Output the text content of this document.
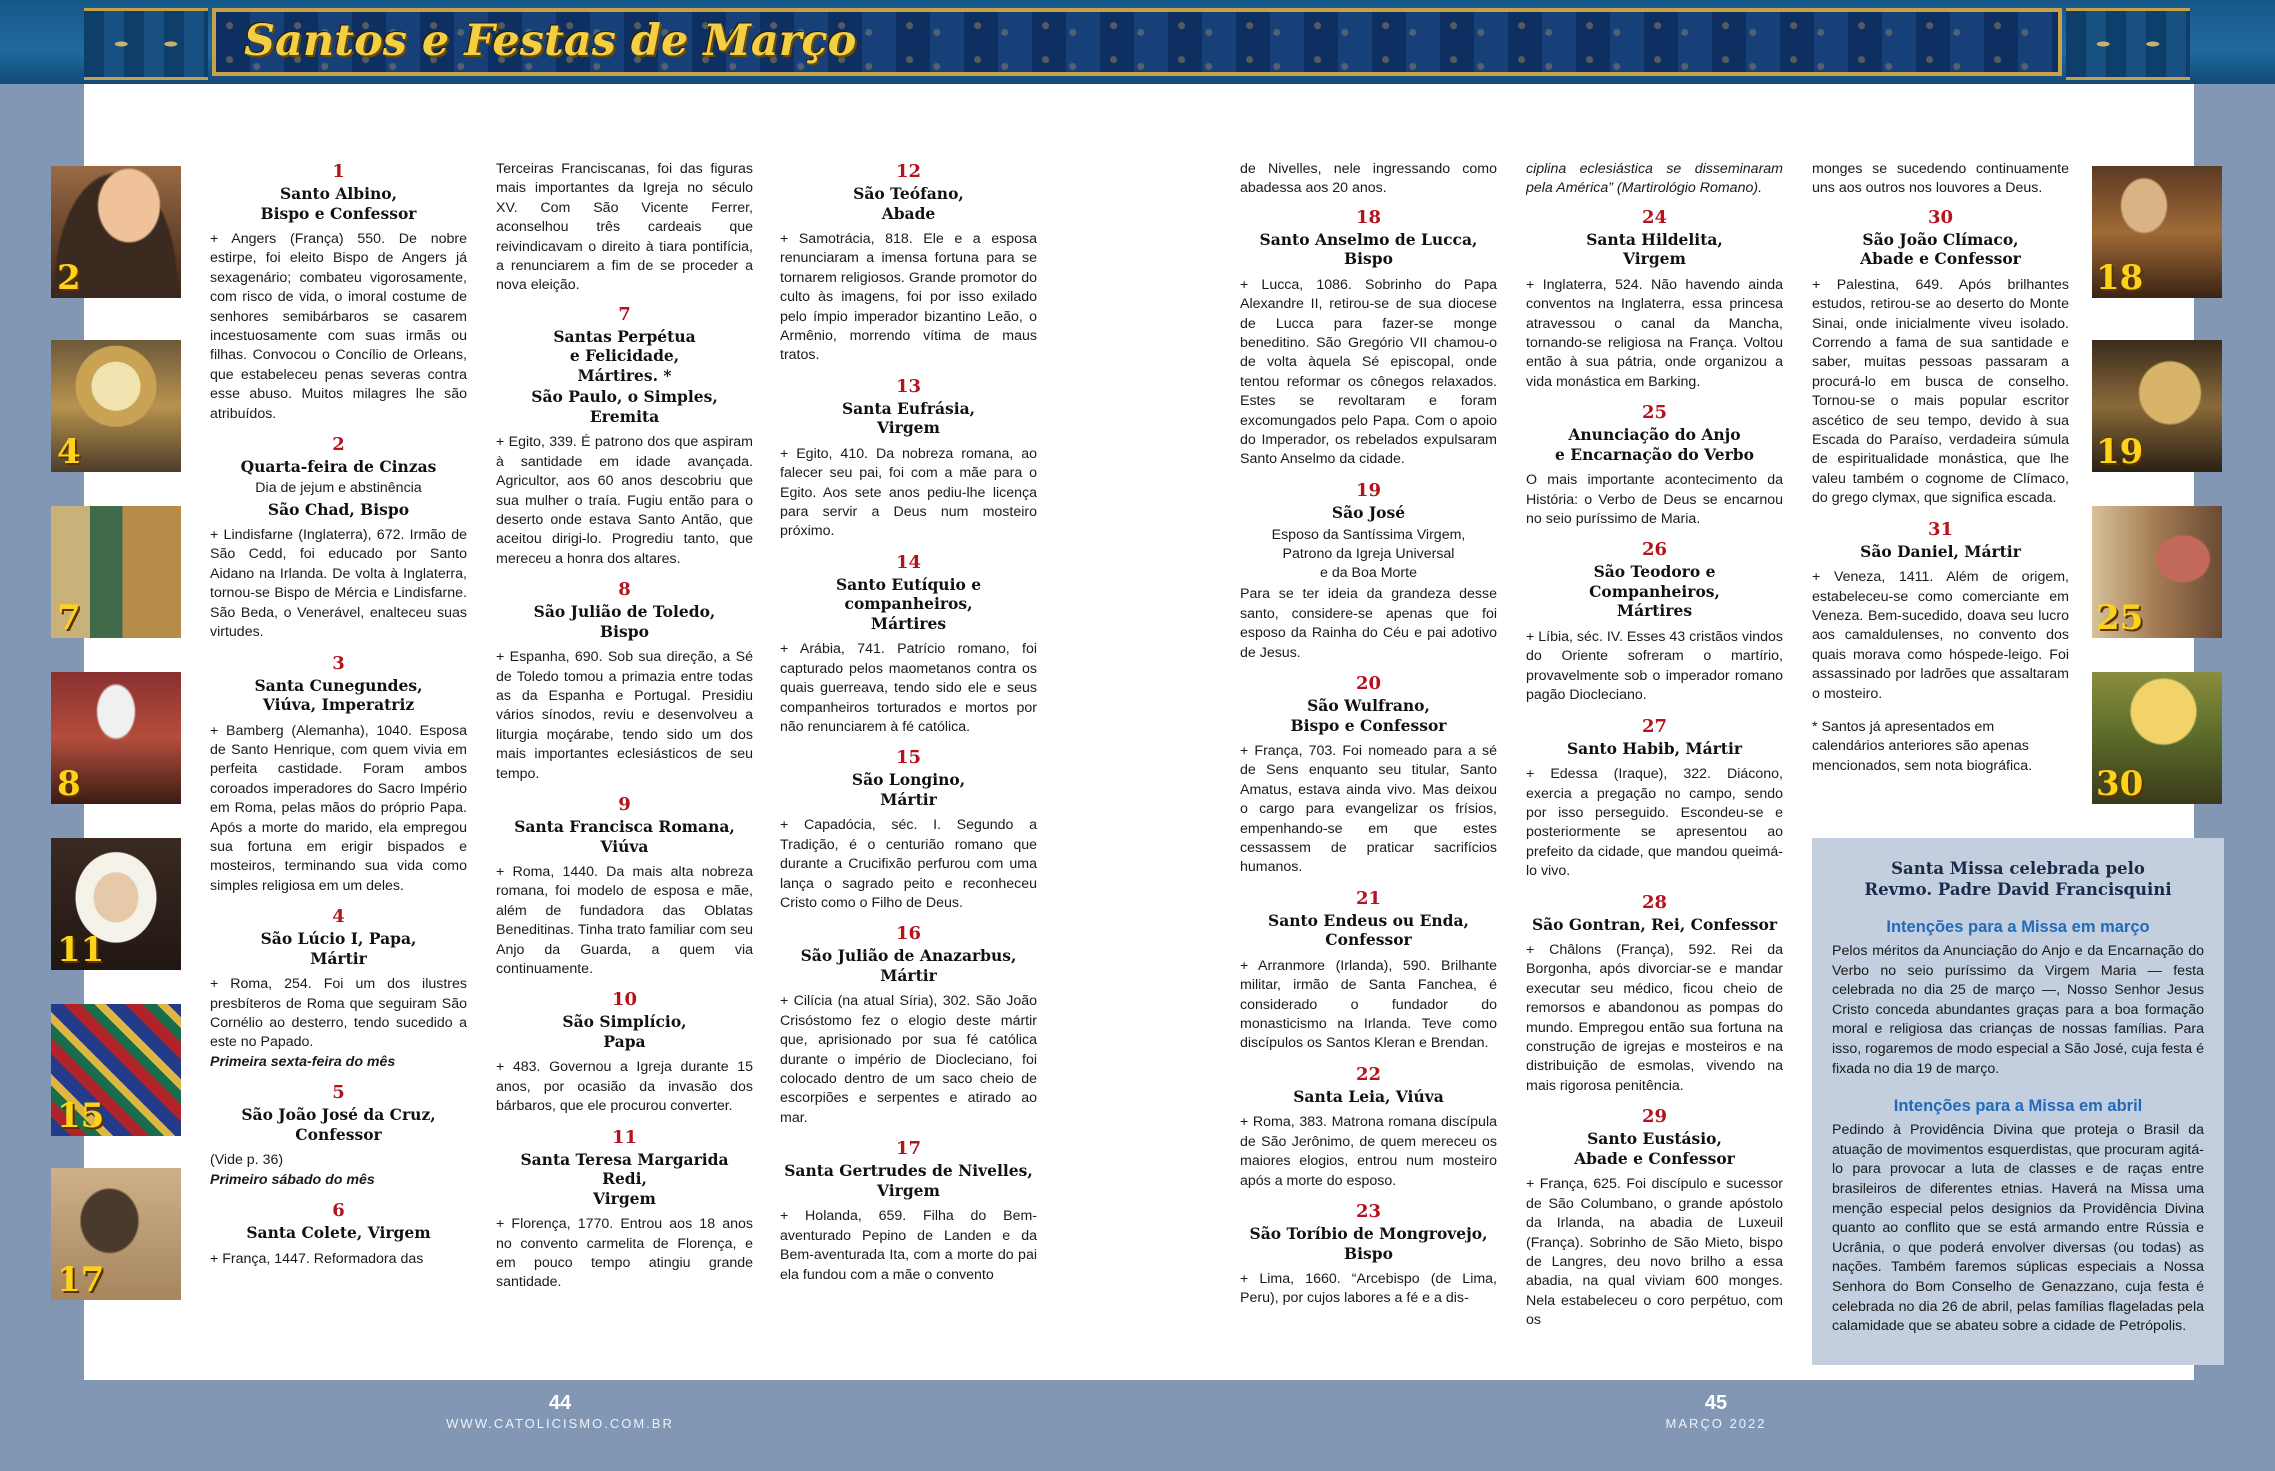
Santos e Festas de Março
2
4
7
8
11
15
17
18
19
25
30
1
Santo Albino,
Bispo e Confessor

+ Angers (França) 550. De nobre estirpe, foi eleito Bispo de Angers já sexagenário; combateu vigorosamente, com risco de vida, o imoral costume de senhores semibárbaros se casarem incestuosamente com suas irmãs ou filhas. Convocou o Concílio de Orleans, que estabeleceu penas severas contra esse abuso. Muitos milagres lhe são atribuídos.

2
Quarta-feira de Cinzas
Dia de jejum e abstinência
São Chad, Bispo

+ Lindisfarne (Inglaterra), 672. Irmão de São Cedd, foi educado por Santo Aidano na Irlanda. De volta à Inglaterra, tornou-se Bispo de Mércia e Lindisfarne. São Beda, o Venerável, enalteceu suas virtudes.

3
Santa Cunegundes,
Viúva, Imperatriz

+ Bamberg (Alemanha), 1040. Esposa de Santo Henrique, com quem vivia em perfeita castidade. Foram ambos coroados imperadores do Sacro Império em Roma, pelas mãos do próprio Papa. Após a morte do marido, ela empregou sua fortuna em erigir bispados e mosteiros, terminando sua vida como simples religiosa em um deles.

4
São Lúcio I, Papa,
Mártir

+ Roma, 254. Foi um dos ilustres presbíteros de Roma que seguiram São Cornélio ao desterro, tendo sucedido a este no Papado.

Primeira sexta-feira do mês

5
São João José da Cruz,
Confessor

(Vide p. 36)

Primeiro sábado do mês

6
Santa Colete, Virgem

+ França, 1447. Reformadora das

Terceiras Franciscanas, foi das figuras mais importantes da Igreja no século XV. Com São Vicente Ferrer, aconselhou três cardeais que reivindicavam o direito à tiara pontifícia, a renunciarem a fim de se proceder a nova eleição.

7
Santas Perpétua
e Felicidade,
Mártires. *
São Paulo, o Simples,
Eremita

+ Egito, 339. É patrono dos que aspiram à santidade em idade avançada. Agricultor, aos 60 anos descobriu que sua mulher o traía. Fugiu então para o deserto onde estava Santo Antão, que aceitou dirigi-lo. Progrediu tanto, que mereceu a honra dos altares.

8
São Julião de Toledo,
Bispo

+ Espanha, 690. Sob sua direção, a Sé de Toledo tomou a primazia entre todas as da Espanha e Portugal. Presidiu vários sínodos, reviu e desenvolveu a liturgia moçárabe, tendo sido um dos mais importantes eclesiásticos de seu tempo.

9
Santa Francisca Romana,
Viúva

+ Roma, 1440. Da mais alta nobreza romana, foi modelo de esposa e mãe, além de fundadora das Oblatas Beneditinas. Tinha trato familiar com seu Anjo da Guarda, a quem via continuamente.

10
São Simplício,
Papa

+ 483. Governou a Igreja durante 15 anos, por ocasião da invasão dos bárbaros, que ele procurou converter.

11
Santa Teresa Margarida Redi,
Virgem

+ Florença, 1770. Entrou aos 18 anos no convento carmelita de Florença, e em pouco tempo atingiu grande santidade.

12
São Teófano,
Abade

+ Samotrácia, 818. Ele e a esposa renunciaram a imensa fortuna para se tornarem religiosos. Grande promotor do culto às imagens, foi por isso exilado pelo ímpio imperador bizantino Leão, o Armênio, morrendo vítima de maus tratos.

13
Santa Eufrásia,
Virgem

+ Egito, 410. Da nobreza romana, ao falecer seu pai, foi com a mãe para o Egito. Aos sete anos pediu-lhe licença para servir a Deus num mosteiro próximo.

14
Santo Eutíquio e
companheiros,
Mártires

+ Arábia, 741. Patrício romano, foi capturado pelos maometanos contra os quais guerreava, tendo sido ele e seus companheiros torturados e mortos por não renunciarem à fé católica.

15
São Longino,
Mártir

+ Capadócia, séc. I. Segundo a Tradição, é o centurião romano que durante a Crucifixão perfurou com uma lança o sagrado peito e reconheceu Cristo como o Filho de Deus.

16
São Julião de Anazarbus,
Mártir

+ Cilícia (na atual Síria), 302. São João Crisóstomo fez o elogio deste mártir que, aprisionado por sua fé católica durante o império de Diocleciano, foi colocado dentro de um saco cheio de escorpiões e serpentes e atirado ao mar.

17
Santa Gertrudes de Nivelles,
Virgem

+ Holanda, 659. Filha do Bem-aventurado Pepino de Landen e da Bem-aventurada Ita, com a morte do pai ela fundou com a mãe o convento

de Nivelles, nele ingressando como abadessa aos 20 anos.

18
Santo Anselmo de Lucca, Bispo

+ Lucca, 1086. Sobrinho do Papa Alexandre II, retirou-se de sua diocese de Lucca para fazer-se monge beneditino. São Gregório VII chamou-o de volta àquela Sé episcopal, onde tentou reformar os cônegos relaxados. Estes se revoltaram e foram excomungados pelo Papa. Com o apoio do Imperador, os rebelados expulsaram Santo Anselmo da cidade.

19
São José
Esposo da Santíssima Virgem,
Patrono da Igreja Universal
e da Boa Morte

Para se ter ideia da grandeza desse santo, considere-se apenas que foi esposo da Rainha do Céu e pai adotivo de Jesus.

20
São Wulfrano,
Bispo e Confessor

+ França, 703. Foi nomeado para a sé de Sens enquanto seu titular, Santo Amatus, estava ainda vivo. Mas deixou o cargo para evangelizar os frísios, empenhando-se em que estes cessassem de praticar sacrifícios humanos.

21
Santo Endeus ou Enda,
Confessor

+ Arranmore (Irlanda), 590. Brilhante militar, irmão de Santa Fanchea, é considerado o fundador do monasticismo na Irlanda. Teve como discípulos os Santos Kleran e Brendan.

22
Santa Leia, Viúva

+ Roma, 383. Matrona romana discípula de São Jerônimo, de quem mereceu os maiores elogios, entrou num mosteiro após a morte do esposo.

23
São Toríbio de Mongrovejo,
Bispo

+ Lima, 1660. “Arcebispo (de Lima, Peru), por cujos labores a fé e a dis-

ciplina eclesiástica se disseminaram pela América” (Martirológio Romano).

24
Santa Hildelita,
Virgem

+ Inglaterra, 524. Não havendo ainda conventos na Inglaterra, essa princesa atravessou o canal da Mancha, tornando-se religiosa na França. Voltou então à sua pátria, onde organizou a vida monástica em Barking.

25
Anunciação do Anjo
e Encarnação do Verbo

O mais importante acontecimento da História: o Verbo de Deus se encarnou no seio puríssimo de Maria.

26
São Teodoro e Companheiros,
Mártires

+ Líbia, séc. IV. Esses 43 cristãos vindos do Oriente sofreram o martírio, provavelmente sob o imperador romano pagão Diocleciano.

27
Santo Habib, Mártir

+ Edessa (Iraque), 322. Diácono, exercia a pregação no campo, sendo por isso perseguido. Escondeu-se e posteriormente se apresentou ao prefeito da cidade, que mandou queimá-lo vivo.

28
São Gontran, Rei, Confessor

+ Châlons (França), 592. Rei da Borgonha, após divorciar-se e mandar executar seu médico, ficou cheio de remorsos e abandonou as pompas do mundo. Empregou então sua fortuna na construção de igrejas e mosteiros e na distribuição de esmolas, vivendo na mais rigorosa penitência.

29
Santo Eustásio,
Abade e Confessor

+ França, 625. Foi discípulo e sucessor de São Columbano, o grande apóstolo da Irlanda, na abadia de Luxeuil (França). Sobrinho de São Mieto, bispo de Langres, deu novo brilho a essa abadia, na qual viviam 600 monges. Nela estabeleceu o coro perpétuo, com os

monges se sucedendo continuamente uns aos outros nos louvores a Deus.

30
São João Clímaco,
Abade e Confessor

+ Palestina, 649. Após brilhantes estudos, retirou-se ao deserto do Monte Sinai, onde inicialmente viveu isolado. Correndo a fama de sua santidade e saber, muitas pessoas passaram a procurá-lo em busca de conselho. Tornou-se o mais popular escritor ascético de seu tempo, devido à sua Escada do Paraíso, verdadeira súmula de espiritualidade monástica, que lhe valeu também o cognome de Clímaco, do grego clymax, que significa escada.

31
São Daniel, Mártir

+ Veneza, 1411. Além de origem, estabeleceu-se como comerciante em Veneza. Bem-sucedido, doava seu lucro aos camaldulenses, no convento dos quais morava como hóspede-leigo. Foi assassinado por ladrões que assaltaram o mosteiro.

* Santos já apresentados em calendários anteriores são apenas mencionados, sem nota biográfica.

Santa Missa celebrada pelo
Revmo. Padre David Francisquini
Intenções para a Missa em março

Pelos méritos da Anunciação do Anjo e da Encarnação do Verbo no seio puríssimo da Virgem Maria — festa celebrada no dia 25 de março —, Nosso Senhor Jesus Cristo conceda abundantes graças para a boa formação moral e religiosa das crianças de nossas famílias. Para isso, rogaremos de modo especial a São José, cuja festa é fixada no dia 19 de março.

Intenções para a Missa em abril

Pedindo à Providência Divina que proteja o Brasil da atuação de movimentos esquerdistas, que procuram agitá-lo para provocar a luta de classes e de raças entre brasileiros de diferentes etnias. Haverá na Missa uma menção especial pelos designios da Providência Divina quanto ao conflito que se está armando entre Rússia e Ucrânia, o que poderá envolver diversas (ou todas) as nações. Também faremos súplicas especiais a Nossa Senhora do Bom Conselho de Genazzano, cuja festa é celebrada no dia 26 de abril, pelas famílias flageladas pela calamidade que se abateu sobre a cidade de Petrópolis.

44
WWW.CATOLICISMO.COM.BR
45
MARÇO 2022
